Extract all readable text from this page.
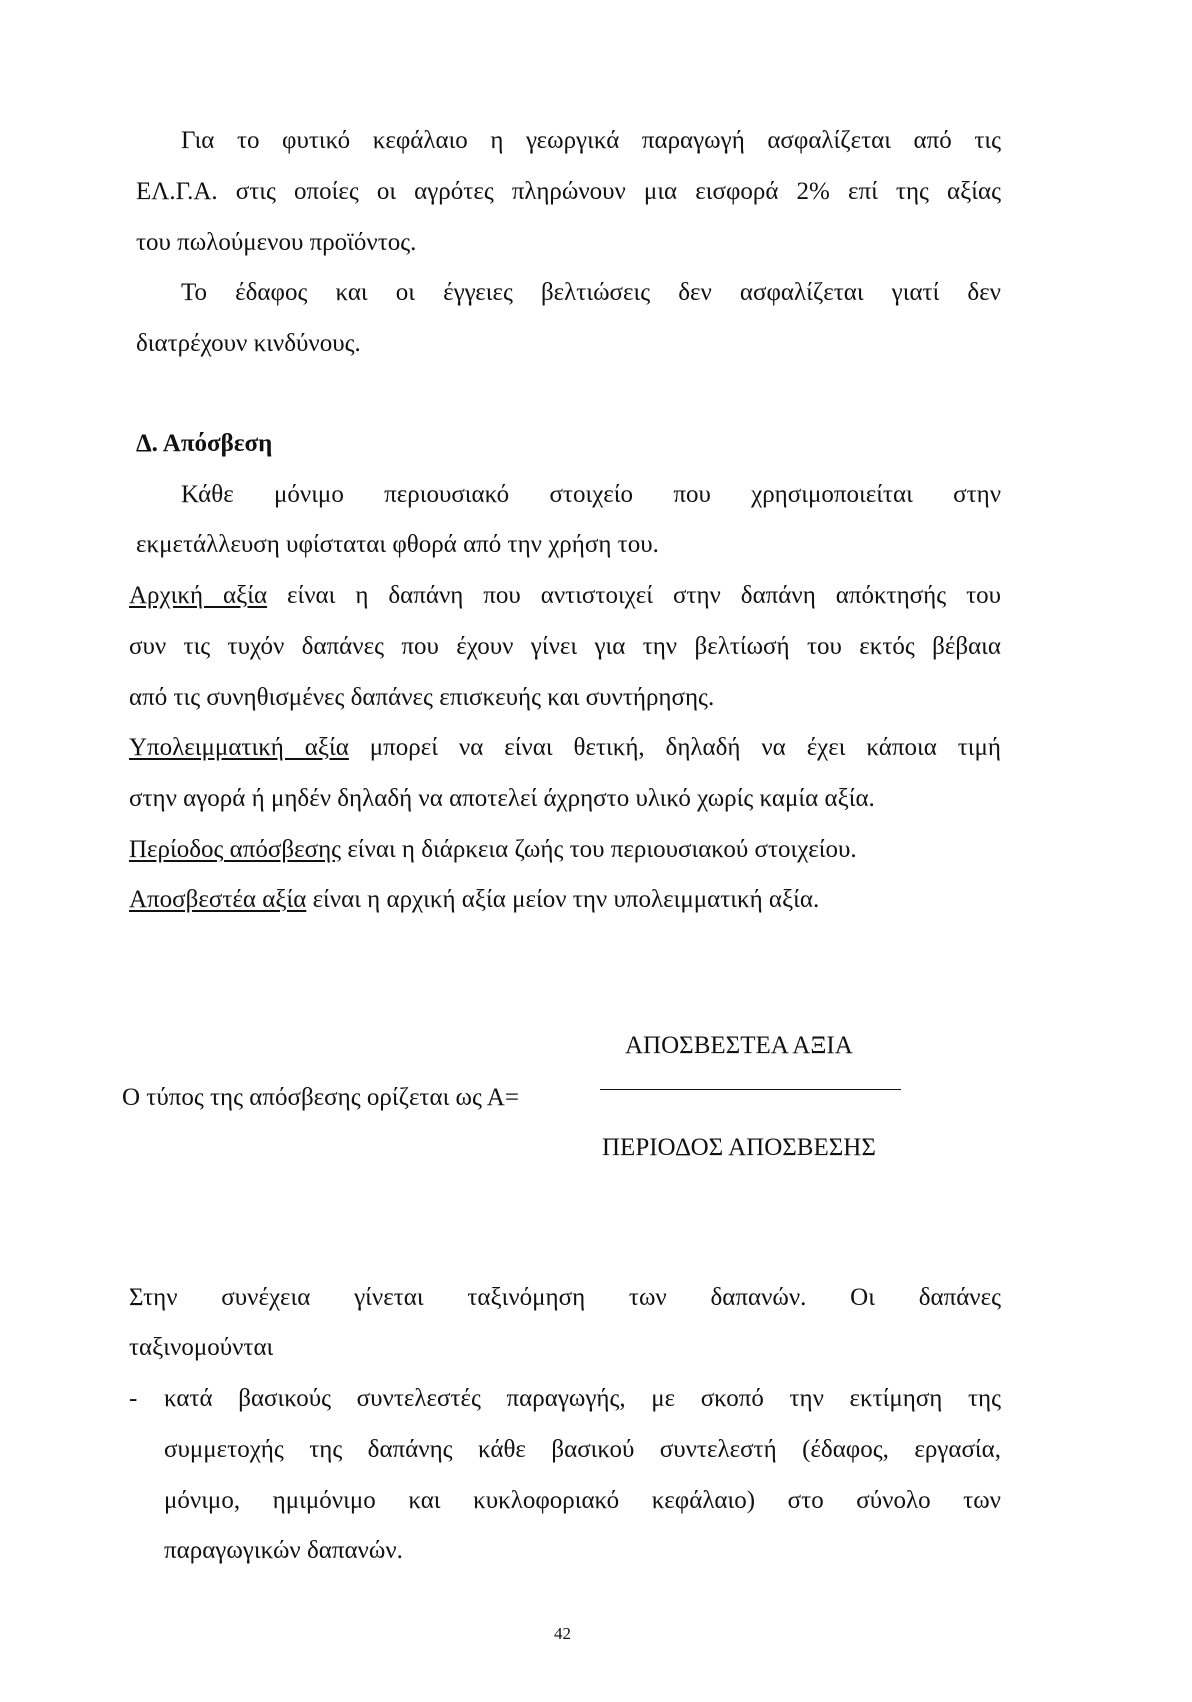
Για το φυτικό κεφάλαιο η γεωργικά παραγωγή ασφαλίζεται από τις
ΕΛ.Γ.Α. στις οποίες οι αγρότες πληρώνουν μια εισφορά 2% επί της αξίας
του πωλούμενου προϊόντος.
Το έδαφος και οι έγγειες βελτιώσεις δεν ασφαλίζεται γιατί δεν
διατρέχουν κινδύνους.
Δ. Απόσβεση
Κάθε μόνιμο περιουσιακό στοιχείο που χρησιμοποιείται στην
εκμετάλλευση υφίσταται φθορά από την χρήση του.
Αρχική αξία είναι η δαπάνη που αντιστοιχεί στην δαπάνη απόκτησής του
συν τις τυχόν δαπάνες που έχουν γίνει για την βελτίωσή του εκτός βέβαια
από τις συνηθισμένες δαπάνες επισκευής και συντήρησης.
Υπολειμματική αξία μπορεί να είναι θετική, δηλαδή να έχει κάποια τιμή
στην αγορά ή μηδέν δηλαδή να αποτελεί άχρηστο υλικό χωρίς καμία αξία.
Περίοδος απόσβεσης είναι η διάρκεια ζωής του περιουσιακού στοιχείου.
Αποσβεστέα αξία είναι η αρχική αξία μείον την υπολειμματική αξία.
ΑΠΟΣΒΕΣΤΕΑ ΑΞΙΑ
Ο τύπος της απόσβεσης ορίζεται ως Α=
ΠΕΡΙΟΔΟΣ ΑΠΟΣΒΕΣΗΣ
Στην συνέχεια γίνεται ταξινόμηση των δαπανών. Οι δαπάνες
ταξινομούνται
- κατά βασικούς συντελεστές παραγωγής, με σκοπό την εκτίμηση της
συμμετοχής της δαπάνης κάθε βασικού συντελεστή (έδαφος, εργασία,
μόνιμο, ημιμόνιμο και κυκλοφοριακό κεφάλαιο) στο σύνολο των
παραγωγικών δαπανών.
42
